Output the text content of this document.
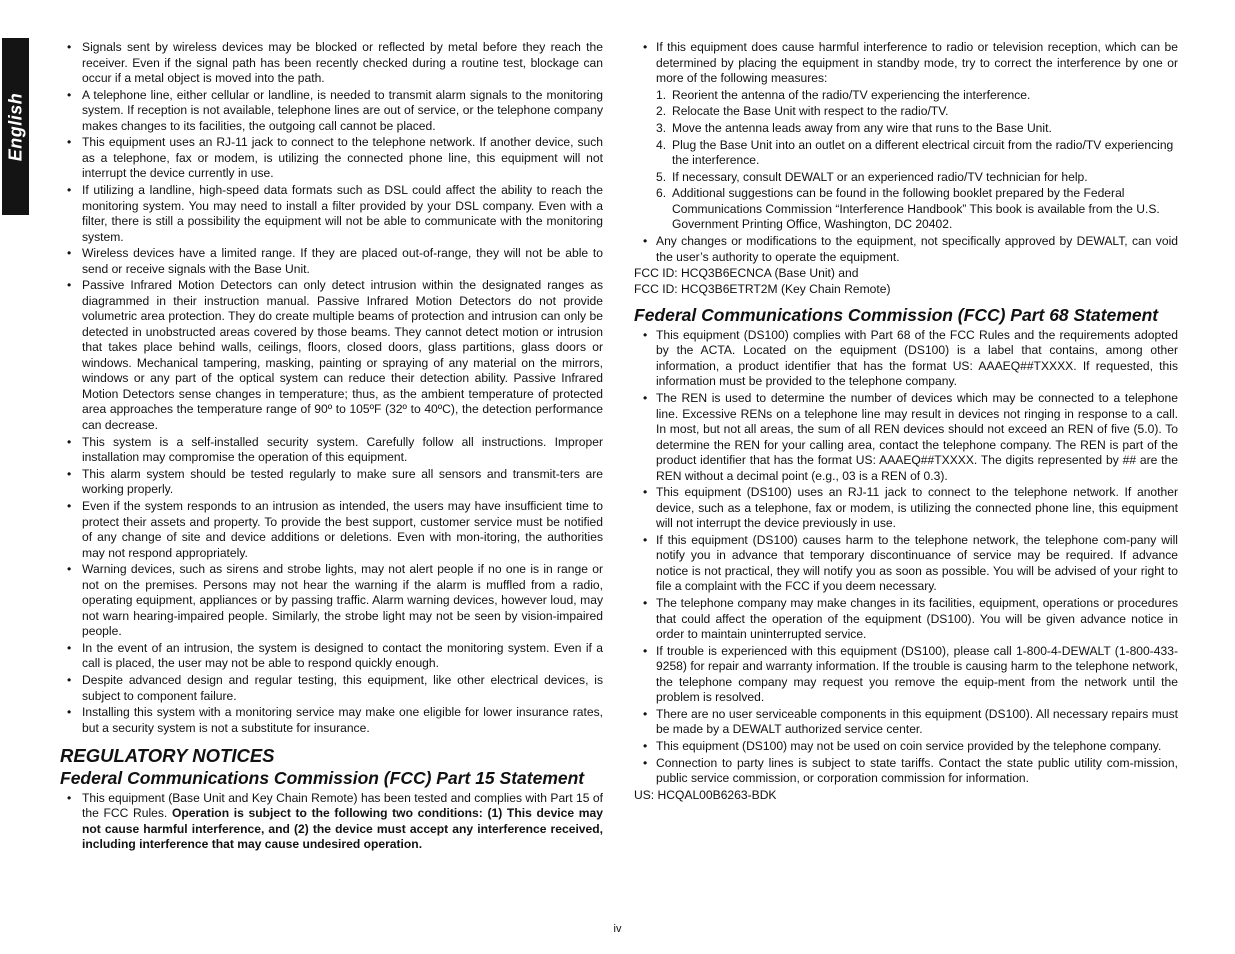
English
• Signals sent by wireless devices may be blocked or reflected by metal before they reach the receiver. Even if the signal path has been recently checked during a routine test, blockage can occur if a metal object is moved into the path.
• A telephone line, either cellular or landline, is needed to transmit alarm signals to the monitoring system. If reception is not available, telephone lines are out of service, or the telephone company makes changes to its facilities, the outgoing call cannot be placed.
• This equipment uses an RJ-11 jack to connect to the telephone network. If another device, such as a telephone, fax or modem, is utilizing the connected phone line, this equipment will not interrupt the device currently in use.
• If utilizing a landline, high-speed data formats such as DSL could affect the ability to reach the monitoring system. You may need to install a filter provided by your DSL company. Even with a filter, there is still a possibility the equipment will not be able to communicate with the monitoring system.
• Wireless devices have a limited range. If they are placed out-of-range, they will not be able to send or receive signals with the Base Unit.
• Passive Infrared Motion Detectors can only detect intrusion within the designated ranges as diagrammed in their instruction manual. Passive Infrared Motion Detectors do not provide volumetric area protection. They do create multiple beams of protection and intrusion can only be detected in unobstructed areas covered by those beams. They cannot detect motion or intrusion that takes place behind walls, ceilings, floors, closed doors, glass partitions, glass doors or windows. Mechanical tampering, masking, painting or spraying of any material on the mirrors, windows or any part of the optical system can reduce their detection ability. Passive Infrared Motion Detectors sense changes in temperature; thus, as the ambient temperature of protected area approaches the temperature range of 90º to 105ºF (32º to 40ºC), the detection performance can decrease.
• This system is a self-installed security system. Carefully follow all instructions. Improper installation may compromise the operation of this equipment.
• This alarm system should be tested regularly to make sure all sensors and transmit-ters are working properly.
• Even if the system responds to an intrusion as intended, the users may have insufficient time to protect their assets and property. To provide the best support, customer service must be notified of any change of site and device additions or deletions. Even with mon-itoring, the authorities may not respond appropriately.
• Warning devices, such as sirens and strobe lights, may not alert people if no one is in range or not on the premises. Persons may not hear the warning if the alarm is muffled from a radio, operating equipment, appliances or by passing traffic. Alarm warning devices, however loud, may not warn hearing-impaired people. Similarly, the strobe light may not be seen by vision-impaired people.
• In the event of an intrusion, the system is designed to contact the monitoring system. Even if a call is placed, the user may not be able to respond quickly enough.
• Despite advanced design and regular testing, this equipment, like other electrical devices, is subject to component failure.
• Installing this system with a monitoring service may make one eligible for lower insurance rates, but a security system is not a substitute for insurance.
REGULATORY NOTICES
Federal Communications Commission (FCC) Part 15 Statement
• This equipment (Base Unit and Key Chain Remote) has been tested and complies with Part 15 of the FCC Rules. Operation is subject to the following two conditions: (1) This device may not cause harmful interference, and (2) the device must accept any interference received, including interference that may cause undesired operation.
• If this equipment does cause harmful interference to radio or television reception, which can be determined by placing the equipment in standby mode, try to correct the interference by one or more of the following measures:
1. Reorient the antenna of the radio/TV experiencing the interference.
2. Relocate the Base Unit with respect to the radio/TV.
3. Move the antenna leads away from any wire that runs to the Base Unit.
4. Plug the Base Unit into an outlet on a different electrical circuit from the radio/TV experiencing the interference.
5. If necessary, consult DEWALT or an experienced radio/TV technician for help.
6. Additional suggestions can be found in the following booklet prepared by the Federal Communications Commission “Interference Handbook” This book is available from the U.S. Government Printing Office, Washington, DC 20402.
• Any changes or modifications to the equipment, not specifically approved by DEWALT, can void the user’s authority to operate the equipment.

FCC ID: HCQ3B6ECNCA (Base Unit) and

FCC ID: HCQ3B6ETRT2M (Key Chain Remote)

Federal Communications Commission (FCC) Part 68 Statement
• This equipment (DS100) complies with Part 68 of the FCC Rules and the requirements adopted by the ACTA. Located on the equipment (DS100) is a label that contains, among other information, a product identifier that has the format US: AAAEQ##TXXXX. If requested, this information must be provided to the telephone company.
• The REN is used to determine the number of devices which may be connected to a telephone line. Excessive RENs on a telephone line may result in devices not ringing in response to a call. In most, but not all areas, the sum of all REN devices should not exceed an REN of five (5.0). To determine the REN for your calling area, contact the telephone company. The REN is part of the product identifier that has the format US: AAAEQ##TXXXX. The digits represented by ## are the REN without a decimal point (e.g., 03 is a REN of 0.3).
• This equipment (DS100) uses an RJ-11 jack to connect to the telephone network. If another device, such as a telephone, fax or modem, is utilizing the connected phone line, this equipment will not interrupt the device previously in use.
• If this equipment (DS100) causes harm to the telephone network, the telephone com-pany will notify you in advance that temporary discontinuance of service may be required. If advance notice is not practical, they will notify you as soon as possible. You will be advised of your right to file a complaint with the FCC if you deem necessary.
• The telephone company may make changes in its facilities, equipment, operations or procedures that could affect the operation of the equipment (DS100). You will be given advance notice in order to maintain uninterrupted service.
• If trouble is experienced with this equipment (DS100), please call 1-800-4-DEWALT (1-800-433-9258) for repair and warranty information. If the trouble is causing harm to the telephone network, the telephone company may request you remove the equip-ment from the network until the problem is resolved.
• There are no user serviceable components in this equipment (DS100). All necessary repairs must be made by a DEWALT authorized service center.
• This equipment (DS100) may not be used on coin service provided by the telephone company.
• Connection to party lines is subject to state tariffs. Contact the state public utility com-mission, public service commission, or corporation commission for information.

US: HCQAL00B6263-BDK

iv
